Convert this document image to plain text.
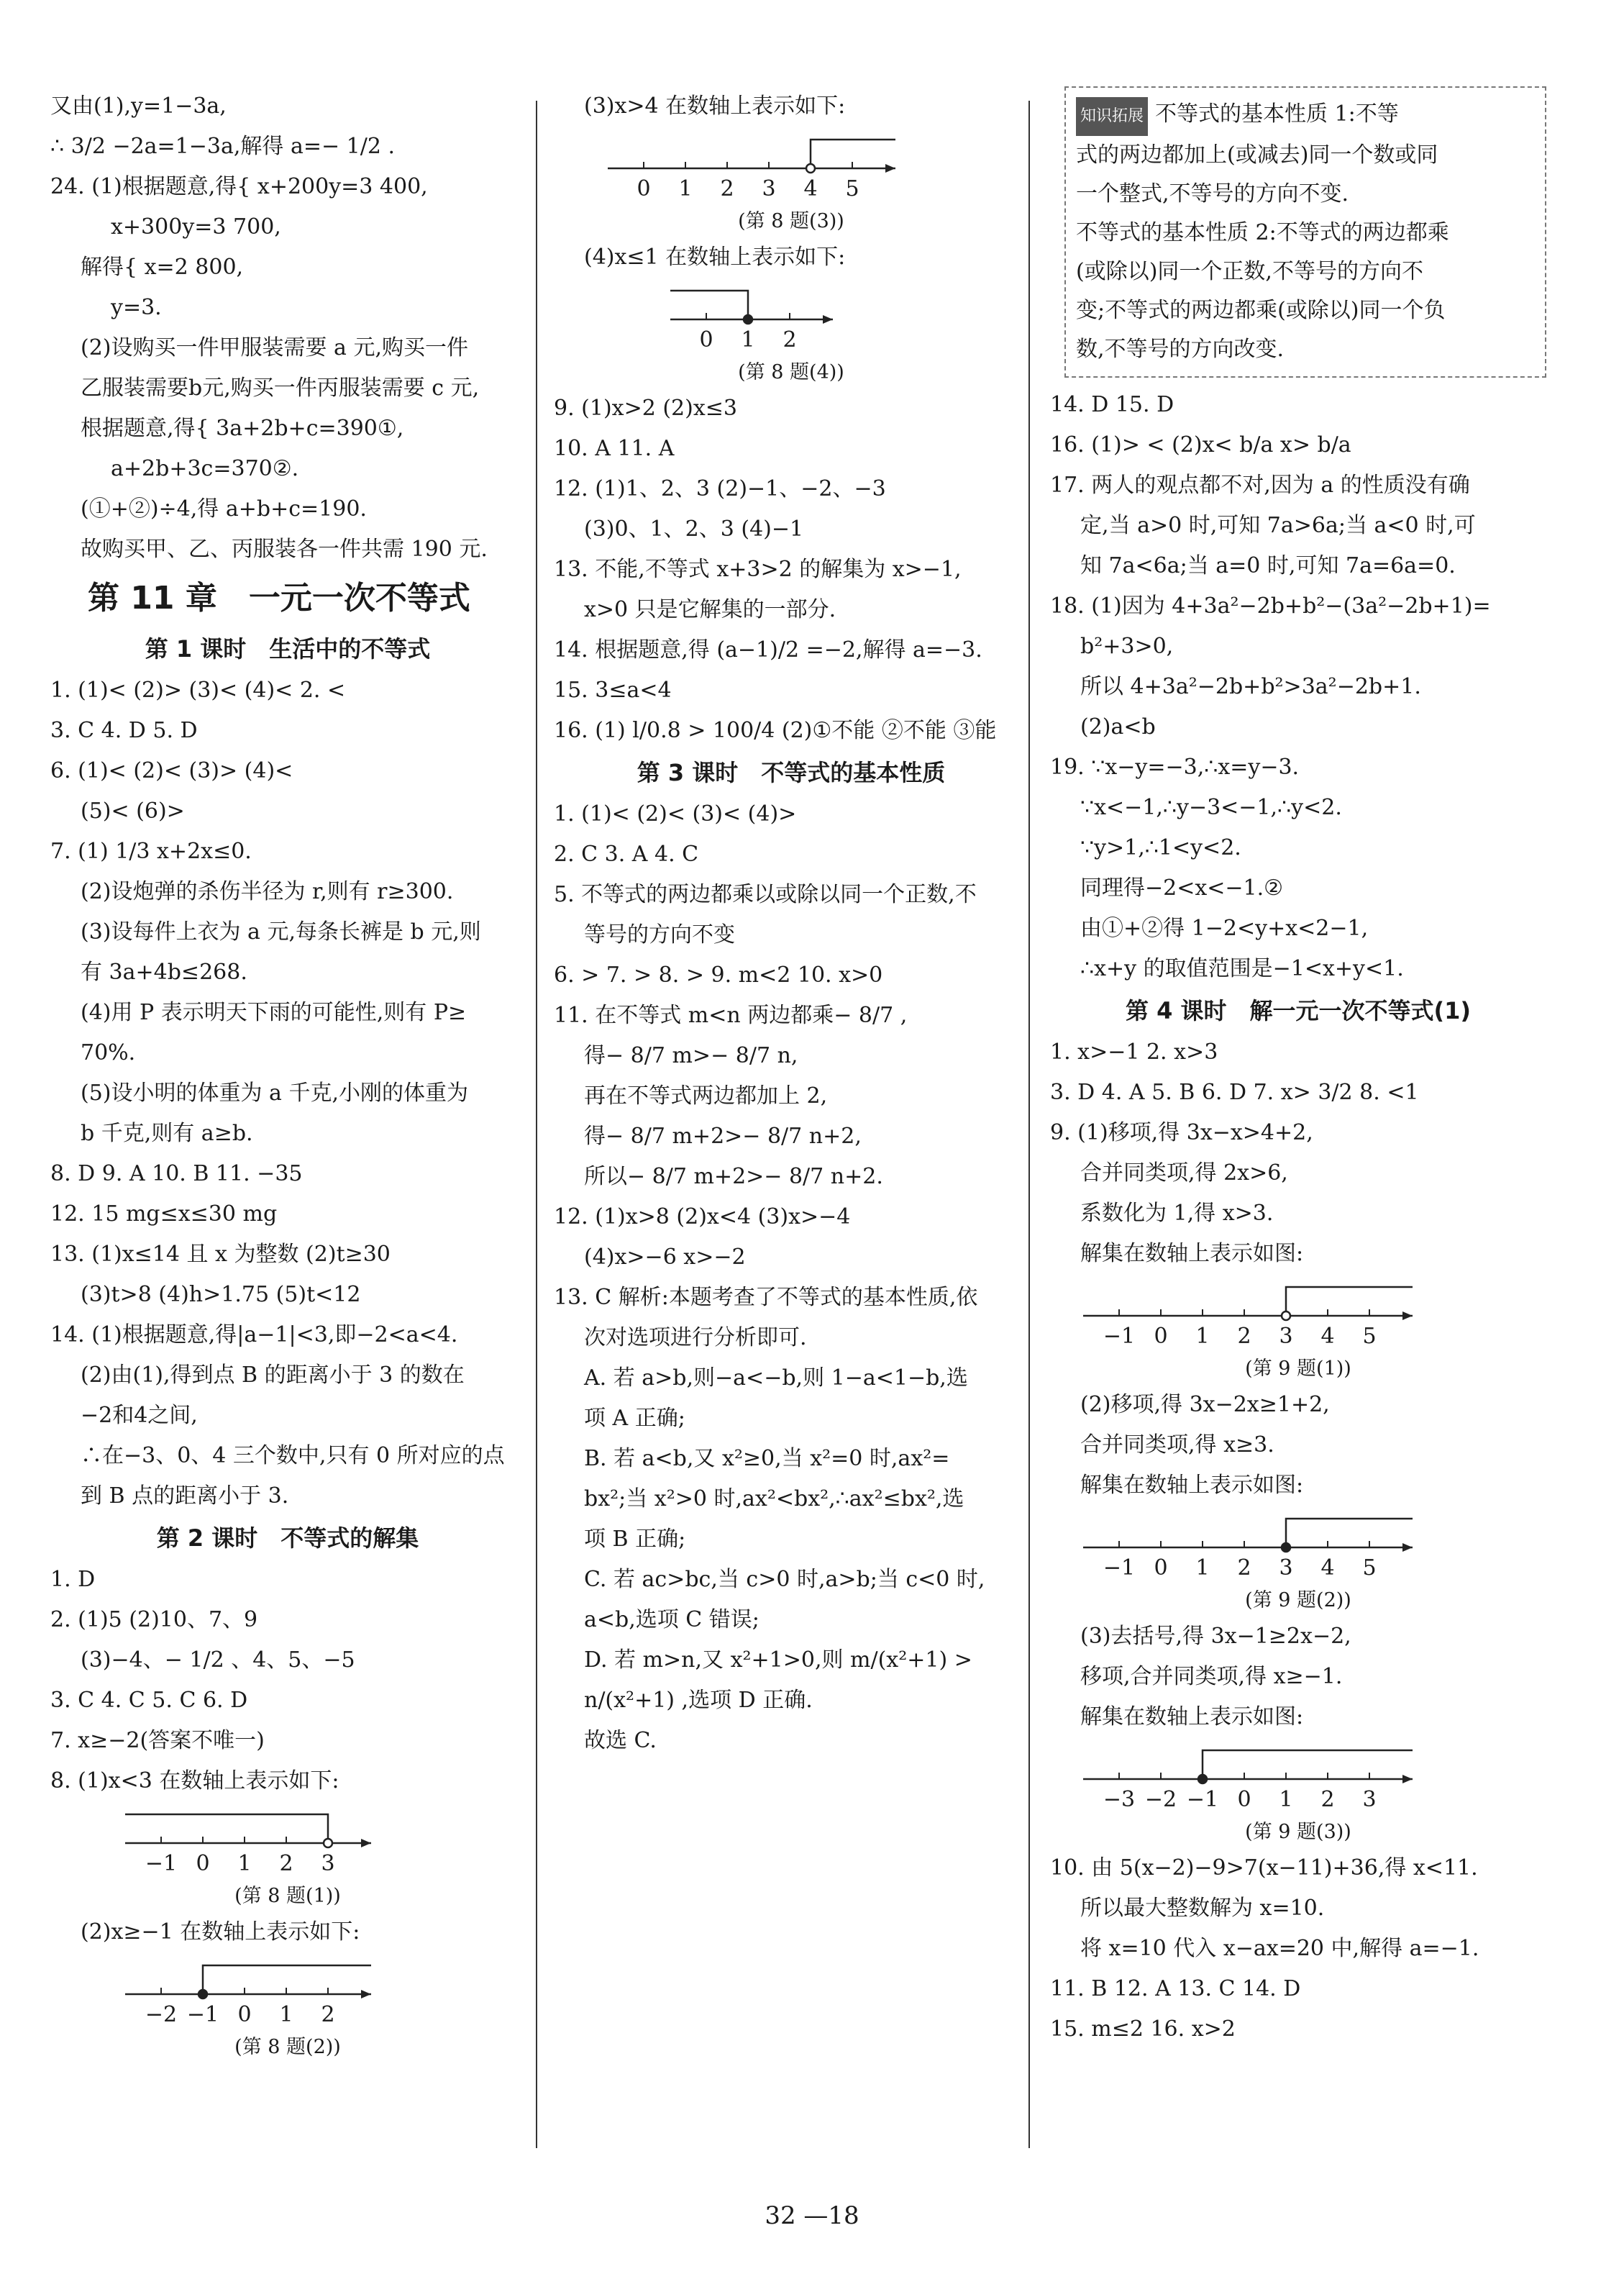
又由(1),y=1−3a,
∴ 3/2 −2a=1−3a,解得 a=− 1/2 .
24. (1)根据题意,得{ x+200y=3 400,
x+300y=3 700,
解得{ x=2 800,
y=3.
(2)设购买一件甲服装需要 a 元,购买一件
乙服装需要b元,购买一件丙服装需要 c 元,
根据题意,得{ 3a+2b+c=390①,
a+2b+3c=370②.
(①+②)÷4,得 a+b+c=190.
故购买甲、乙、丙服装各一件共需 190 元.
第 11 章　一元一次不等式
第 1 课时　生活中的不等式
1. (1)< (2)> (3)< (4)< 2. <
3. C 4. D 5. D
6. (1)< (2)< (3)> (4)<
(5)< (6)>
7. (1) 1/3 x+2x≤0.
(2)设炮弹的杀伤半径为 r,则有 r≥300.
(3)设每件上衣为 a 元,每条长裤是 b 元,则
有 3a+4b≤268.
(4)用 P 表示明天下雨的可能性,则有 P≥
70%.
(5)设小明的体重为 a 千克,小刚的体重为
b 千克,则有 a≥b.
8. D 9. A 10. B 11. −35
12. 15 mg≤x≤30 mg
13. (1)x≤14 且 x 为整数 (2)t≥30
(3)t>8 (4)h>1.75 (5)t<12
14. (1)根据题意,得|a−1|<3,即−2<a<4.
(2)由(1),得到点 B 的距离小于 3 的数在
−2和4之间,
∴在−3、0、4 三个数中,只有 0 所对应的点
到 B 点的距离小于 3.
第 2 课时　不等式的解集
1. D
2. (1)5 (2)10、7、9
(3)−4、− 1/2 、4、5、−5
3. C 4. C 5. C 6. D
7. x≥−2(答案不唯一)
8. (1)x<3 在数轴上表示如下:
−1 0 1 2 3
(第 8 题(1))
(2)x≥−1 在数轴上表示如下:
−2 −1 0 1 2
(第 8 题(2))
(3)x>4 在数轴上表示如下:
0 1 2 3 4 5
(第 8 题(3))
(4)x≤1 在数轴上表示如下:
0 1 2
(第 8 题(4))
9. (1)x>2 (2)x≤3
10. A 11. A
12. (1)1、2、3 (2)−1、−2、−3
(3)0、1、2、3 (4)−1
13. 不能,不等式 x+3>2 的解集为 x>−1,
x>0 只是它解集的一部分.
14. 根据题意,得 (a−1)/2 =−2,解得 a=−3.
15. 3≤a<4
16. (1) l/0.8 > 100/4 (2)①不能 ②不能 ③能
第 3 课时　不等式的基本性质
1. (1)< (2)< (3)< (4)>
2. C 3. A 4. C
5. 不等式的两边都乘以或除以同一个正数,不
等号的方向不变
6. > 7. > 8. > 9. m<2 10. x>0
11. 在不等式 m<n 两边都乘− 8/7 ,
得− 8/7 m>− 8/7 n,
再在不等式两边都加上 2,
得− 8/7 m+2>− 8/7 n+2,
所以− 8/7 m+2>− 8/7 n+2.
12. (1)x>8 (2)x<4 (3)x>−4
(4)x>−6 x>−2
13. C 解析:本题考查了不等式的基本性质,依
次对选项进行分析即可.
A. 若 a>b,则−a<−b,则 1−a<1−b,选
项 A 正确;
B. 若 a<b,又 x²≥0,当 x²=0 时,ax²=
bx²;当 x²>0 时,ax²<bx²,∴ax²≤bx²,选
项 B 正确;
C. 若 ac>bc,当 c>0 时,a>b;当 c<0 时,
a<b,选项 C 错误;
D. 若 m>n,又 x²+1>0,则 m/(x²+1) >
n/(x²+1) ,选项 D 正确.
故选 C.
知识拓展 不等式的基本性质 1:不等
式的两边都加上(或减去)同一个数或同
一个整式,不等号的方向不变.
不等式的基本性质 2:不等式的两边都乘
(或除以)同一个正数,不等号的方向不
变;不等式的两边都乘(或除以)同一个负
数,不等号的方向改变.
14. D 15. D
16. (1)> < (2)x< b/a x> b/a
17. 两人的观点都不对,因为 a 的性质没有确
定,当 a>0 时,可知 7a>6a;当 a<0 时,可
知 7a<6a;当 a=0 时,可知 7a=6a=0.
18. (1)因为 4+3a²−2b+b²−(3a²−2b+1)=
b²+3>0,
所以 4+3a²−2b+b²>3a²−2b+1.
(2)a<b
19. ∵x−y=−3,∴x=y−3.
∵x<−1,∴y−3<−1,∴y<2.
∵y>1,∴1<y<2.
同理得−2<x<−1.②
由①+②得 1−2<y+x<2−1,
∴x+y 的取值范围是−1<x+y<1.
第 4 课时　解一元一次不等式(1)
1. x>−1 2. x>3
3. D 4. A 5. B 6. D 7. x> 3/2 8. <1
9. (1)移项,得 3x−x>4+2,
合并同类项,得 2x>6,
系数化为 1,得 x>3.
解集在数轴上表示如图:
−1 0 1 2 3 4 5
(第 9 题(1))
(2)移项,得 3x−2x≥1+2,
合并同类项,得 x≥3.
解集在数轴上表示如图:
−1 0 1 2 3 4 5
(第 9 题(2))
(3)去括号,得 3x−1≥2x−2,
移项,合并同类项,得 x≥−1.
解集在数轴上表示如图:
−3 −2 −1 0 1 2 3
(第 9 题(3))
10. 由 5(x−2)−9>7(x−11)+36,得 x<11.
所以最大整数解为 x=10.
将 x=10 代入 x−ax=20 中,解得 a=−1.
11. B 12. A 13. C 14. D
15. m≤2 16. x>2
32 —18
